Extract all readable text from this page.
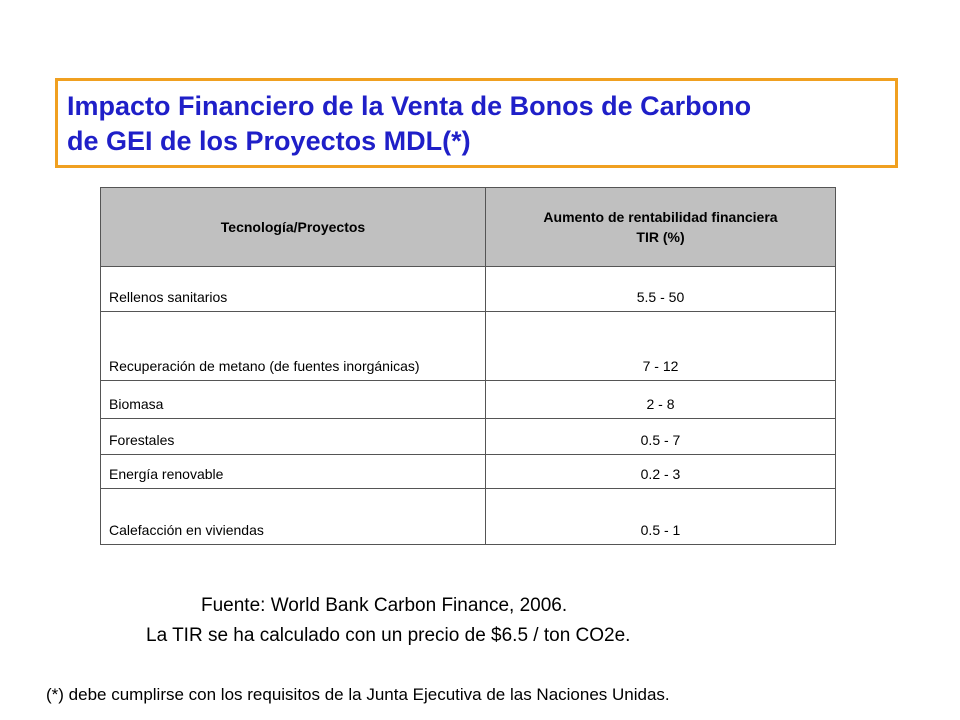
Impacto Financiero de la Venta de Bonos de Carbono
de GEI de los Proyectos MDL(*)
Tecnología/Proyectos	Aumento de rentabilidad financiera
TIR (%)
Rellenos sanitarios	5.5 - 50
Recuperación de metano (de fuentes inorgánicas)	7 - 12
Biomasa	2 - 8
Forestales	0.5 - 7
Energía renovable	0.2 - 3
Calefacción en viviendas	0.5 - 1
Fuente: World Bank Carbon Finance, 2006.
La TIR se ha calculado con un precio de $6.5 / ton CO2e.
(*) debe cumplirse con los requisitos de la Junta Ejecutiva de las Naciones Unidas.
